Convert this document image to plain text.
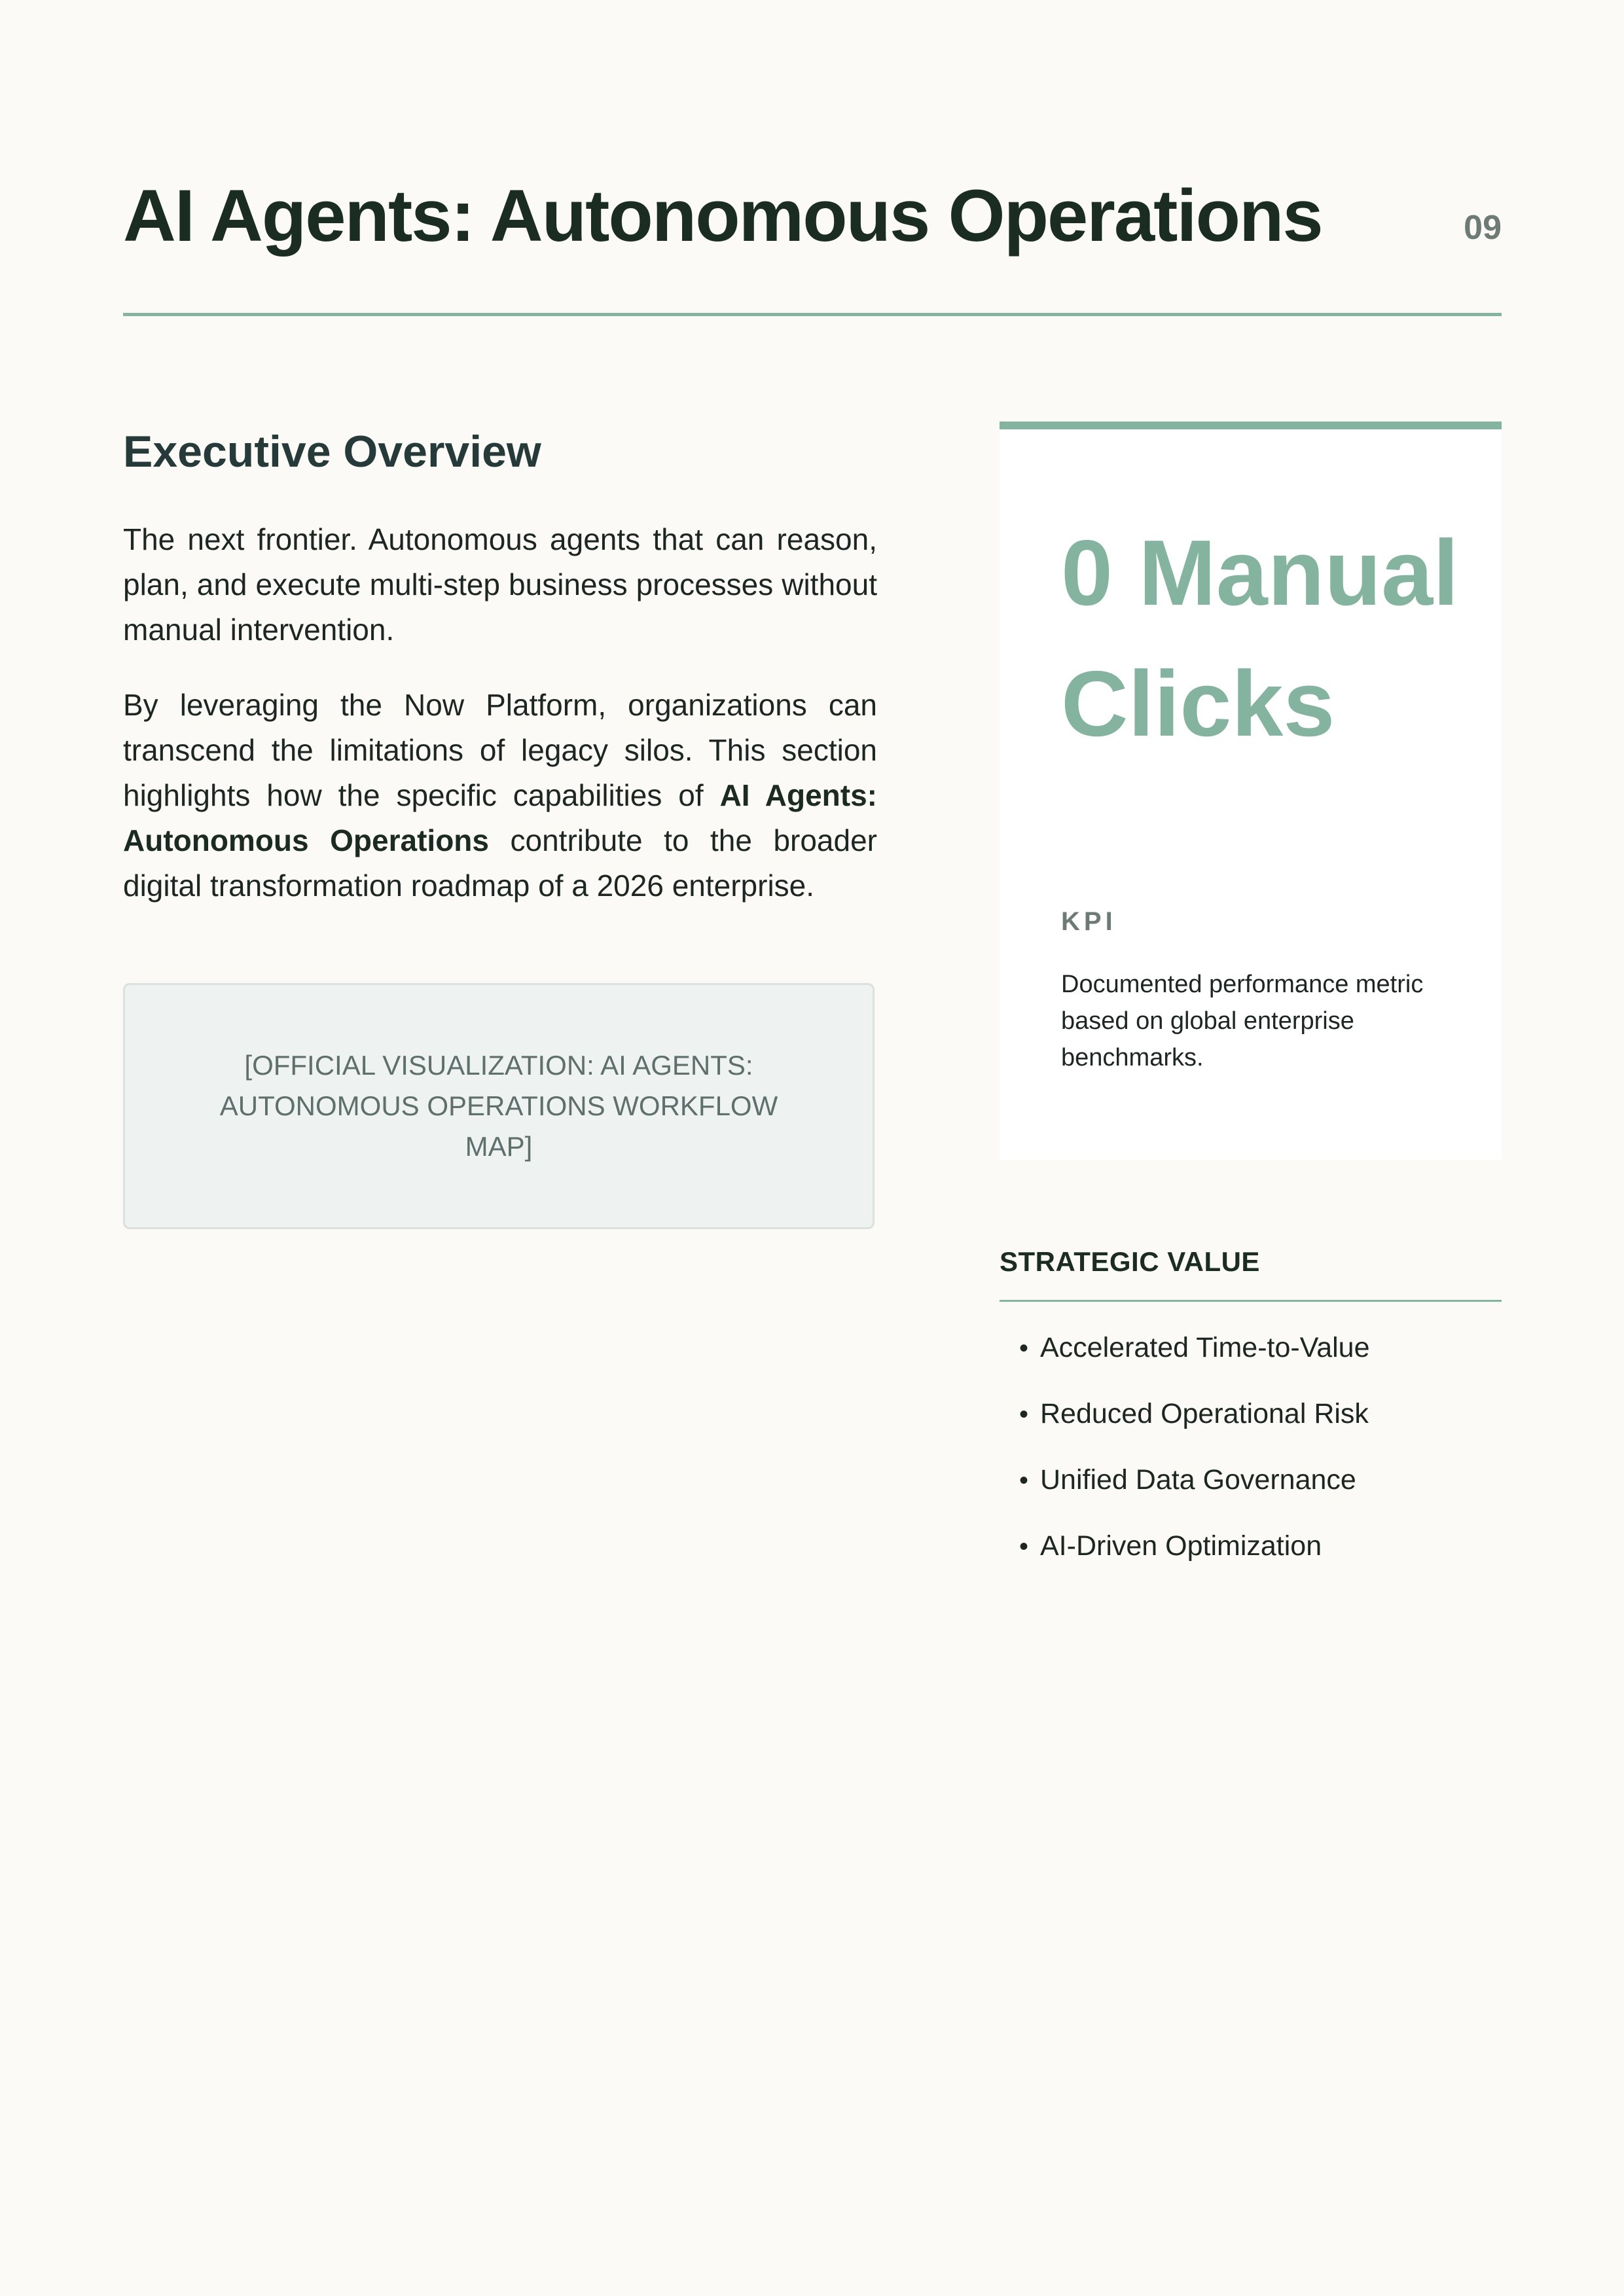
AI Agents: Autonomous Operations	09
Executive Overview

The next frontier. Autonomous agents that can reason, plan, and execute multi-step business processes without manual intervention.

By leveraging the Now Platform, organizations can transcend the limitations of legacy silos. This section highlights how the specific capabilities of AI Agents: Autonomous Operations contribute to the broader digital transformation roadmap of a 2026 enterprise.

[OFFICIAL VISUALIZATION: AI AGENTS: AUTONOMOUS OPERATIONS WORKFLOW MAP]
0 Manual Clicks
KPI
Documented performance metric based on global enterprise benchmarks.
STRATEGIC VALUE
• Accelerated Time-to-Value
• Reduced Operational Risk
• Unified Data Governance
• AI-Driven Optimization
